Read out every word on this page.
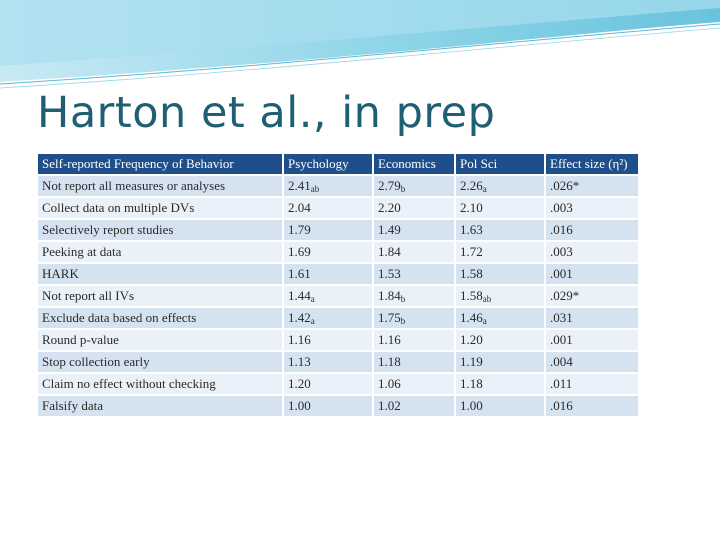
Harton et al., in prep
Self-reported Frequency of Behavior	Psychology	Economics	Pol Sci	Effect size (η²)
Not report all measures or analyses	$2.41_{ab}$	$2.79_b$	$2.26_a$	.026*
Collect data on multiple DVs	2.04	2.20	2.10	.003
Selectively report studies	1.79	1.49	1.63	.016
Peeking at data	1.69	1.84	1.72	.003
HARK	1.61	1.53	1.58	.001
Not report all IVs	$1.44_a$	$1.84_b$	$1.58_{ab}$	.029*
Exclude data based on effects	$1.42_a$	$1.75_b$	$1.46_a$	.031
Round p-value	1.16	1.16	1.20	.001
Stop collection early	1.13	1.18	1.19	.004
Claim no effect without checking	1.20	1.06	1.18	.011
Falsify data	1.00	1.02	1.00	.016
